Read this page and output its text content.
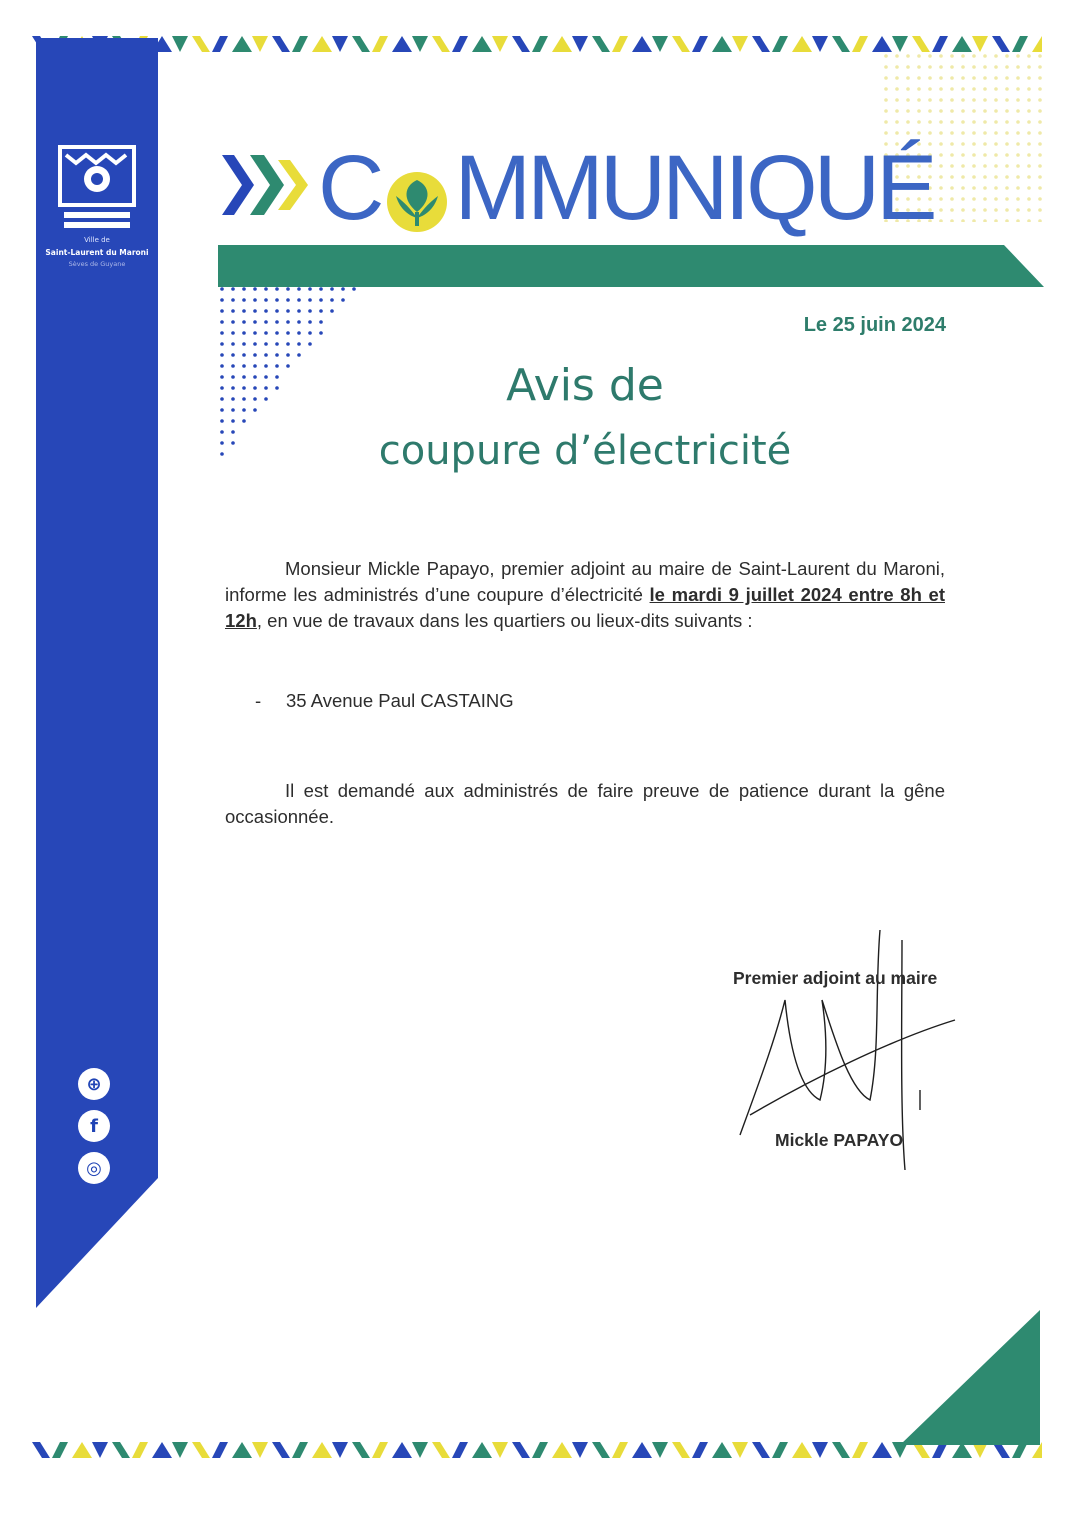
Ville de
Saint-Laurent du Maroni
Sèves de Guyane
⊕
f
◎
C MMUNIQUÉ
Le 25 juin 2024
Avis de
coupure d’électricité
Monsieur Mickle Papayo, premier adjoint au maire de Saint-Laurent du Maroni, informe les administrés d’une coupure d’électricité le mardi 9 juillet 2024 entre 8h et 12h, en vue de travaux dans les quartiers ou lieux-dits suivants :
- 35 Avenue Paul CASTAING
Il est demandé aux administrés de faire preuve de patience durant la gêne occasionnée.
Premier adjoint au maire
Mickle PAPAYO
